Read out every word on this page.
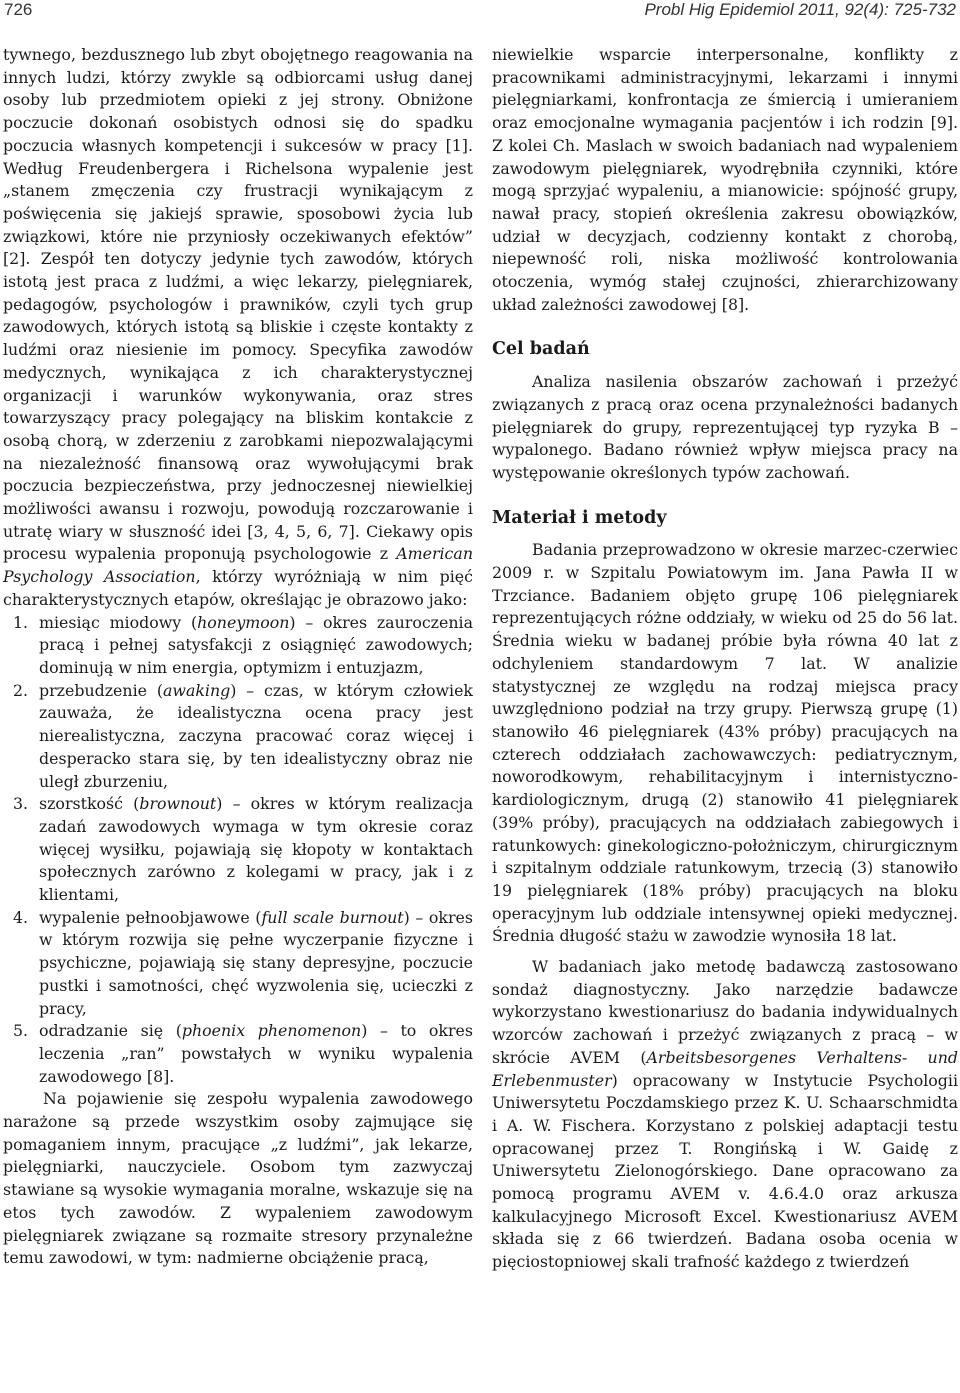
726	Probl Hig Epidemiol 2011, 92(4): 725-732

tywnego, bezdusznego lub zbyt obojętnego reagowania na innych ludzi, którzy zwykle są odbiorcami usług danej osoby lub przedmiotem opieki z jej strony. Obniżone poczucie dokonań osobistych odnosi się do spadku poczucia własnych kompetencji i sukcesów w pracy [1]. Według Freudenbergera i Richelsona wypalenie jest „stanem zmęczenia czy frustracji wynikającym z poświęcenia się jakiejś sprawie, sposobowi życia lub związkowi, które nie przyniosły oczekiwanych efektów” [2]. Zespół ten dotyczy jedynie tych zawodów, których istotą jest praca z ludźmi, a więc lekarzy, pielęgniarek, pedagogów, psychologów i prawników, czyli tych grup zawodowych, których istotą są bliskie i częste kontakty z ludźmi oraz niesienie im pomocy. Specyfika zawodów medycznych, wynikająca z ich charakterystycznej organizacji i warunków wykonywania, oraz stres towarzyszący pracy polegający na bliskim kontakcie z osobą chorą, w zderzeniu z zarobkami niepozwalającymi na niezależność finansową oraz wywołującymi brak poczucia bezpieczeństwa, przy jednoczesnej niewielkiej możliwości awansu i rozwoju, powodują rozczarowanie i utratę wiary w słuszność idei [3, 4, 5, 6, 7]. Ciekawy opis procesu wypalenia proponują psychologowie z American Psychology Association, którzy wyróżniają w nim pięć charakterystycznych etapów, określając je obrazowo jako:

1. miesiąc miodowy (honeymoon) – okres zauroczenia pracą i pełnej satysfakcji z osiągnięć zawodowych; dominują w nim energia, optymizm i entuzjazm,
2. przebudzenie (awaking) – czas, w którym człowiek zauważa, że idealistyczna ocena pracy jest nierealistyczna, zaczyna pracować coraz więcej i desperacko stara się, by ten idealistyczny obraz nie uległ zburzeniu,
3. szorstkość (brownout) – okres w którym realizacja zadań zawodowych wymaga w tym okresie coraz więcej wysiłku, pojawiają się kłopoty w kontaktach społecznych zarówno z kolegami w pracy, jak i z klientami,
4. wypalenie pełnoobjawowe (full scale burnout) – okres w którym rozwija się pełne wyczerpanie fizyczne i psychiczne, pojawiają się stany depresyjne, poczucie pustki i samotności, chęć wyzwolenia się, ucieczki z pracy,
5. odradzanie się (phoenix phenomenon) – to okres leczenia „ran” powstałych w wyniku wypalenia zawodowego [8].

Na pojawienie się zespołu wypalenia zawodowego narażone są przede wszystkim osoby zajmujące się pomaganiem innym, pracujące „z ludźmi”, jak lekarze, pielęgniarki, nauczyciele. Osobom tym zazwyczaj stawiane są wysokie wymagania moralne, wskazuje się na etos tych zawodów. Z wypaleniem zawodowym pielęgniarek związane są rozmaite stresory przynależne temu zawodowi, w tym: nadmierne obciążenie pracą,

niewielkie wsparcie interpersonalne, konflikty z pracownikami administracyjnymi, lekarzami i innymi pielęgniarkami, konfrontacja ze śmiercią i umieraniem oraz emocjonalne wymagania pacjentów i ich rodzin [9]. Z kolei Ch. Maslach w swoich badaniach nad wypaleniem zawodowym pielęgniarek, wyodrębniła czynniki, które mogą sprzyjać wypaleniu, a mianowicie: spójność grupy, nawał pracy, stopień określenia zakresu obowiązków, udział w decyzjach, codzienny kontakt z chorobą, niepewność roli, niska możliwość kontrolowania otoczenia, wymóg stałej czujności, zhierarchizowany układ zależności zawodowej [8].

Cel badań

Analiza nasilenia obszarów zachowań i przeżyć związanych z pracą oraz ocena przynależności badanych pielęgniarek do grupy, reprezentującej typ ryzyka B – wypalonego. Badano również wpływ miejsca pracy na występowanie określonych typów zachowań.

Materiał i metody

Badania przeprowadzono w okresie marzec-czerwiec 2009 r. w Szpitalu Powiatowym im. Jana Pawła II w Trzciance. Badaniem objęto grupę 106 pielęgniarek reprezentujących różne oddziały, w wieku od 25 do 56 lat. Średnia wieku w badanej próbie była równa 40 lat z odchyleniem standardowym 7 lat. W analizie statystycznej ze względu na rodzaj miejsca pracy uwzględniono podział na trzy grupy. Pierwszą grupę (1) stanowiło 46 pielęgniarek (43% próby) pracujących na czterech oddziałach zachowawczych: pediatrycznym, noworodkowym, rehabilitacyjnym i internistyczno-kardiologicznym, drugą (2) stanowiło 41 pielęgniarek (39% próby), pracujących na oddziałach zabiegowych i ratunkowych: ginekologiczno-położniczym, chirurgicznym i szpitalnym oddziale ratunkowym, trzecią (3) stanowiło 19 pielęgniarek (18% próby) pracujących na bloku operacyjnym lub oddziale intensywnej opieki medycznej. Średnia długość stażu w zawodzie wynosiła 18 lat.

W badaniach jako metodę badawczą zastosowano sondaż diagnostyczny. Jako narzędzie badawcze wykorzystano kwestionariusz do badania indywidualnych wzorców zachowań i przeżyć związanych z pracą – w skrócie AVEM (Arbeitsbesorgenes Verhaltens- und Erlebenmuster) opracowany w Instytucie Psychologii Uniwersytetu Poczdamskiego przez K. U. Schaarschmidta i A. W. Fischera. Korzystano z polskiej adaptacji testu opracowanej przez T. Rongińską i W. Gaidę z Uniwersytetu Zielonogórskiego. Dane opracowano za pomocą programu AVEM v. 4.6.4.0 oraz arkusza kalkulacyjnego Microsoft Excel. Kwestionariusz AVEM składa się z 66 twierdzeń. Badana osoba ocenia w pięciostopniowej skali trafność każdego z twierdzeń
